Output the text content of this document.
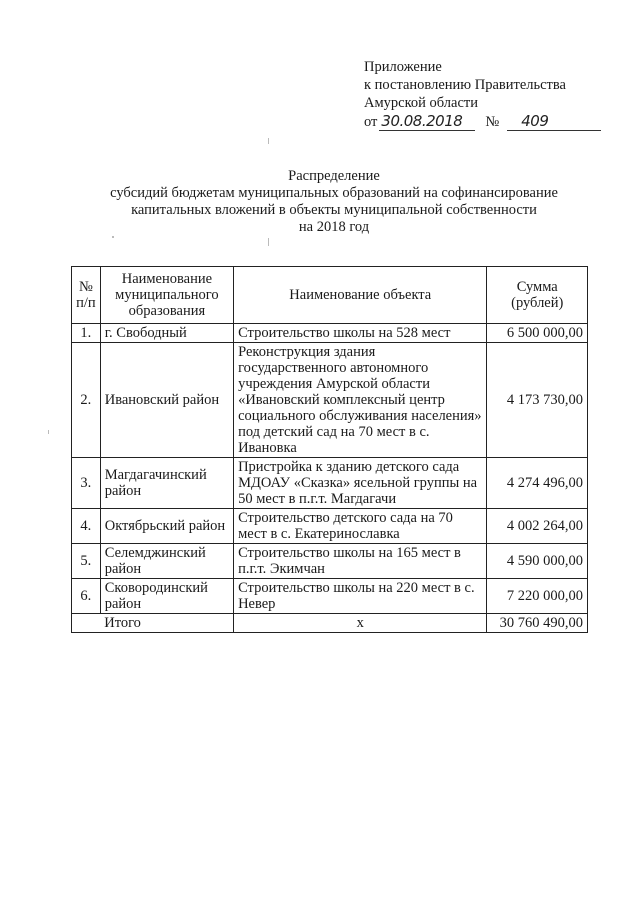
Приложение
к постановлению Правительства
Амурской области
от 30.08.2018	№	409
Распределение
субсидий бюджетам муниципальных образований на софинансирование
капитальных вложений в объекты муниципальной собственности
на 2018 год
№ п/п	Наименование муниципального образования	Наименование объекта	Сумма (рублей)
1.	г. Свободный	Строительство школы на 528 мест	6 500 000,00
2.	Ивановский район	Реконструкция здания государственного автономного учреждения Амурской области «Ивановский комплексный центр социального обслуживания населения» под детский сад на 70 мест в с. Ивановка	4 173 730,00
3.	Магдагачинский район	Пристройка к зданию детского сада МДОАУ «Сказка» ясельной группы на 50 мест в п.г.т. Магдагачи	4 274 496,00
4.	Октябрьский район	Строительство детского сада на 70 мест в с. Екатеринославка	4 002 264,00
5.	Селемджинский район	Строительство школы на 165 мест в п.г.т. Экимчан	4 590 000,00
6.	Сковородинский район	Строительство школы на 220 мест в с. Невер	7 220 000,00
	Итого	x	30 760 490,00
